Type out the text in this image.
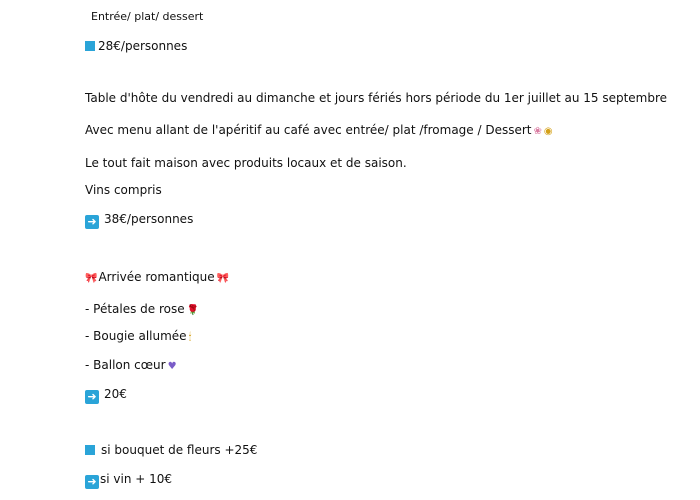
Entrée/ plat/ dessert
28€/personnes
Table d'hôte du vendredi au dimanche et jours fériés hors période du 1er juillet au 15 septembre
Avec menu allant de l'apéritif au café avec entrée/ plat /fromage / Dessert ❀ ◉
Le tout fait maison avec produits locaux et de saison.
Vins compris
➜ 38€/personnes
🎀Arrivée romantique 🎀
- Pétales de rose 🌹
- Bougie allumée 🕯
- Ballon cœur ♥
➜ 20€
si bouquet de fleurs +25€
➜ si vin + 10€
